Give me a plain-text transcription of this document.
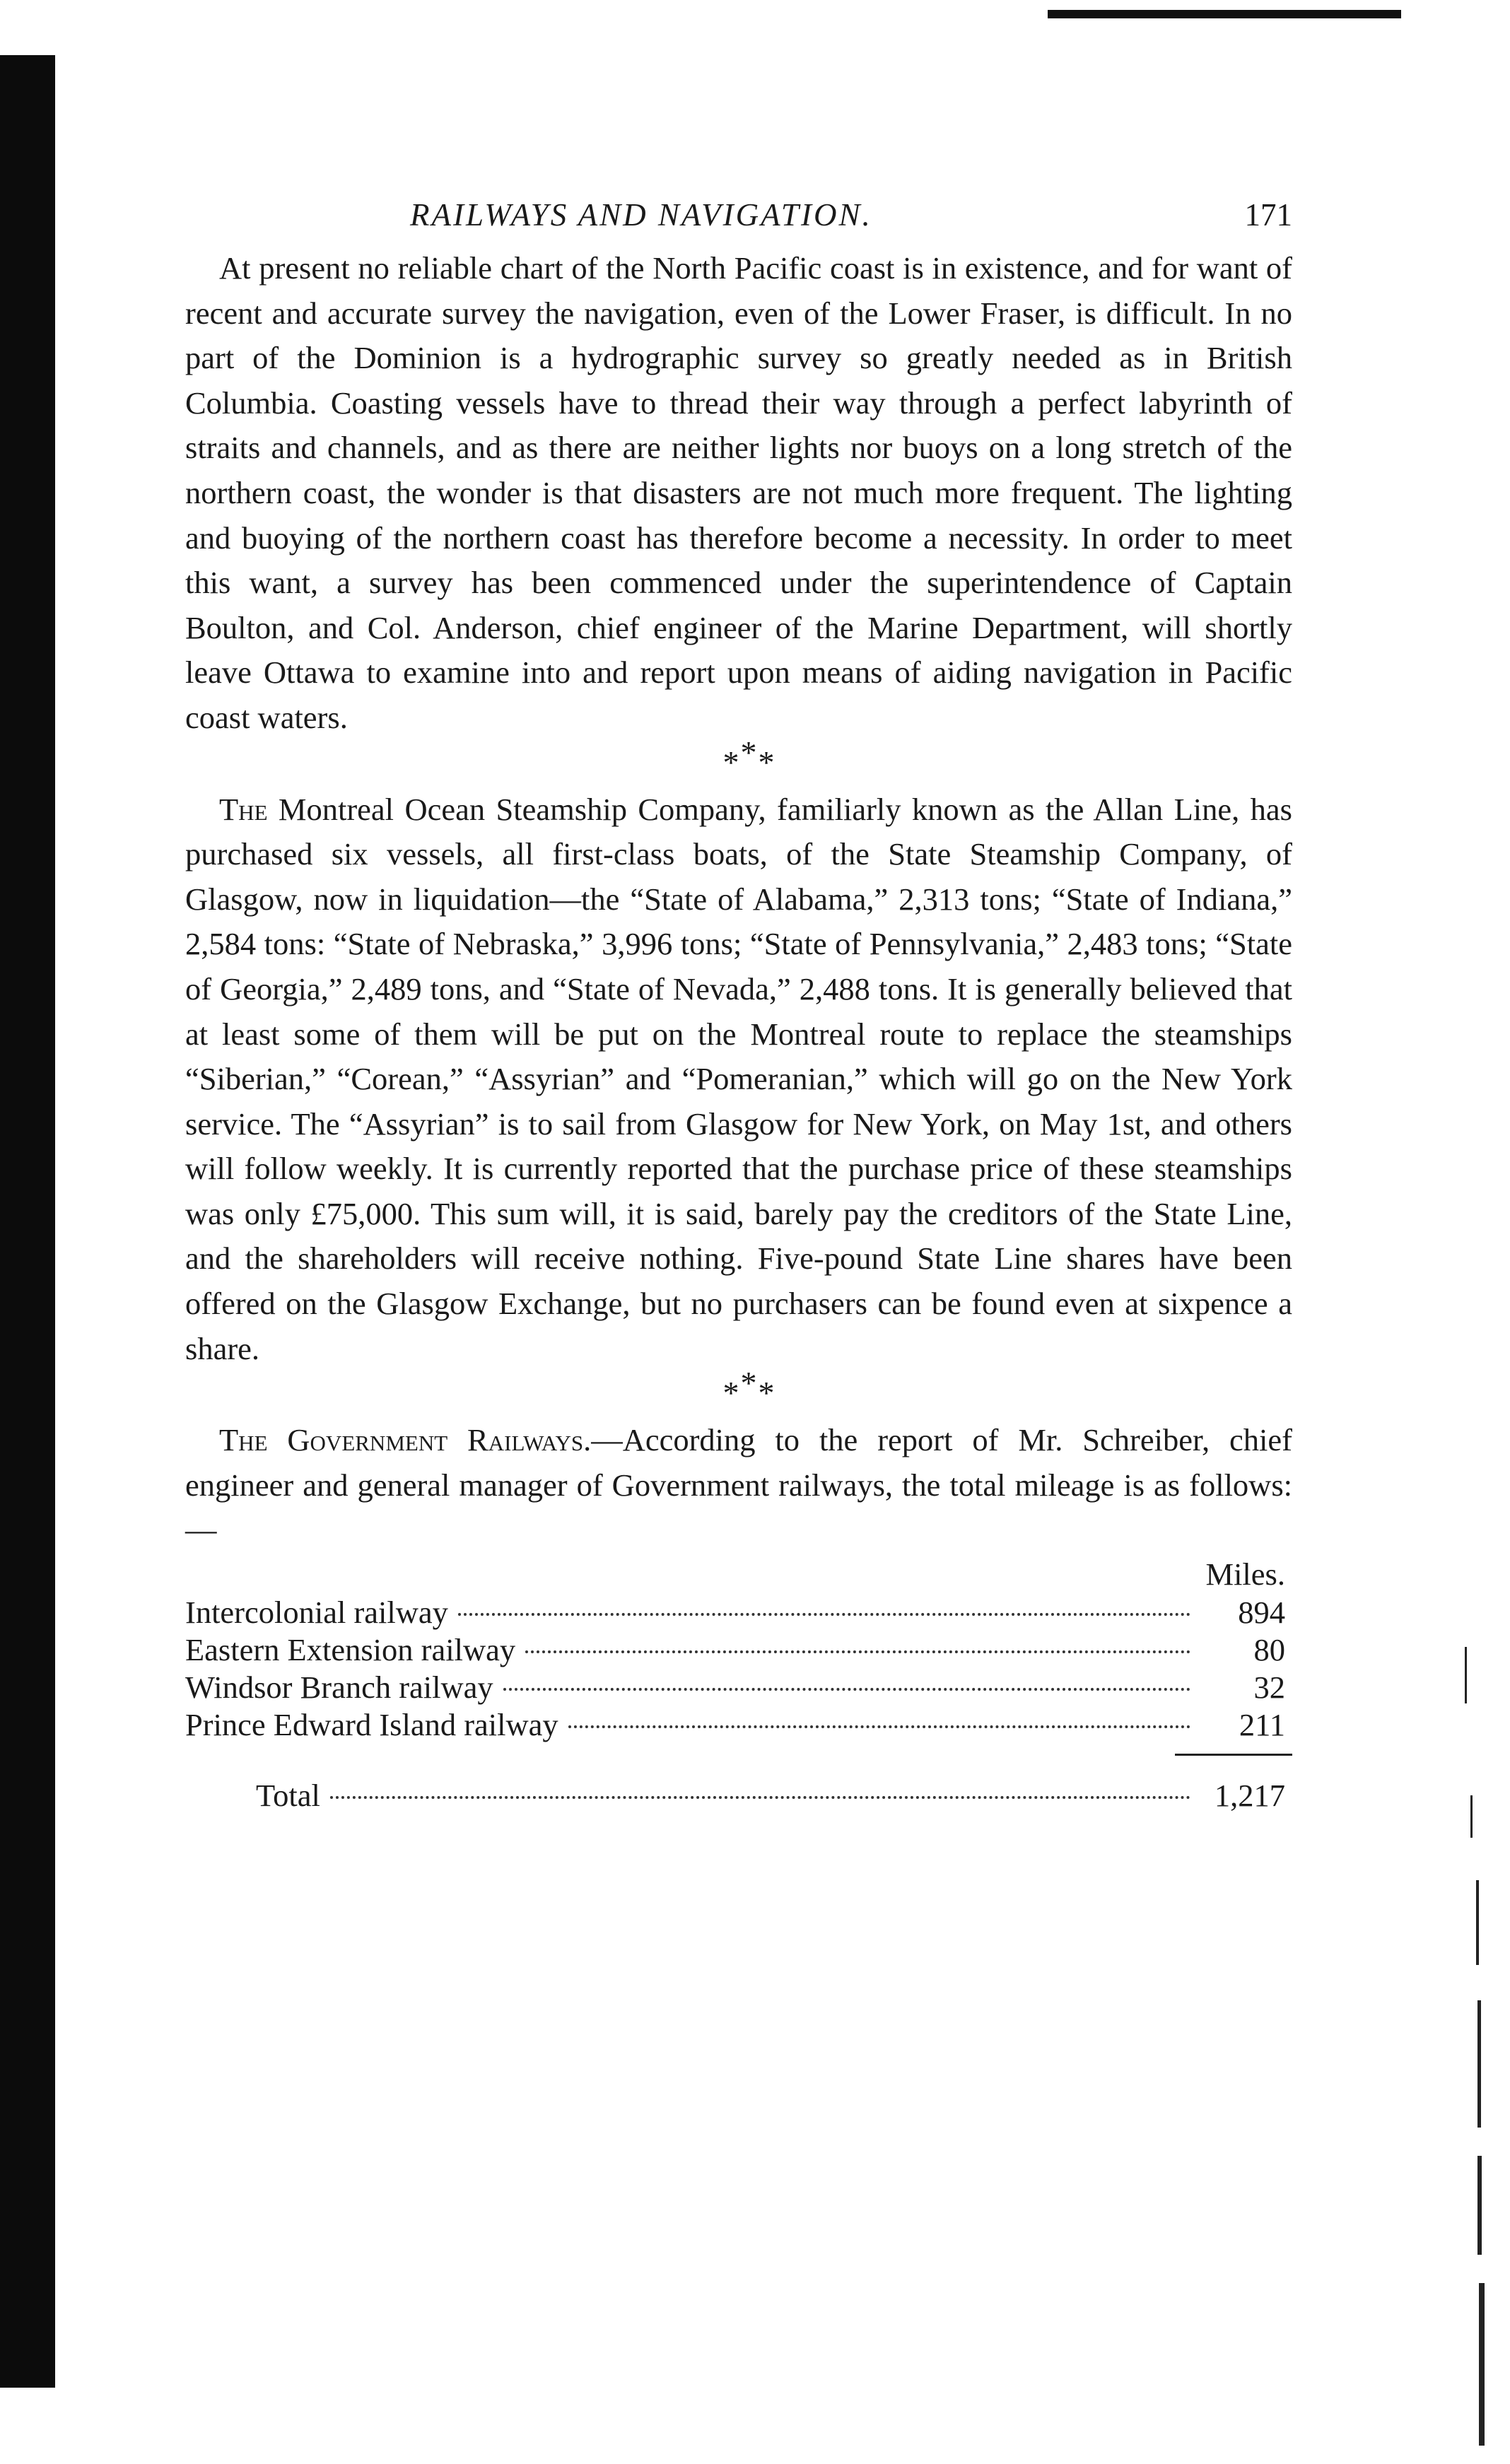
RAILWAYS AND NAVIGATION.	171

At present no reliable chart of the North Pacific coast is in existence, and for want of recent and accurate survey the navigation, even of the Lower Fraser, is difficult. In no part of the Dominion is a hydrographic survey so greatly needed as in British Columbia. Coasting vessels have to thread their way through a perfect labyrinth of straits and channels, and as there are neither lights nor buoys on a long stretch of the northern coast, the wonder is that disasters are not much more frequent. The lighting and buoying of the northern coast has therefore become a necessity. In order to meet this want, a survey has been commenced under the superintendence of Captain Boulton, and Col. Anderson, chief engineer of the Marine Department, will shortly leave Ottawa to examine into and report upon means of aiding navigation in Pacific coast waters.

***

The Montreal Ocean Steamship Company, familiarly known as the Allan Line, has purchased six vessels, all first-class boats, of the State Steamship Company, of Glasgow, now in liquidation—the “State of Alabama,” 2,313 tons; “State of Indiana,” 2,584 tons: “State of Nebraska,” 3,996 tons; “State of Pennsylvania,” 2,483 tons; “State of Georgia,” 2,489 tons, and “State of Nevada,” 2,488 tons. It is generally believed that at least some of them will be put on the Montreal route to replace the steamships “Siberian,” “Corean,” “Assyrian” and “Pomeranian,” which will go on the New York service. The “Assyrian” is to sail from Glasgow for New York, on May 1st, and others will follow weekly. It is currently reported that the purchase price of these steamships was only £75,000. This sum will, it is said, barely pay the creditors of the State Line, and the shareholders will receive nothing. Five-pound State Line shares have been offered on the Glasgow Exchange, but no purchasers can be found even at sixpence a share.

***

The Government Railways.—According to the report of Mr. Schreiber, chief engineer and general manager of Government railways, the total mileage is as follows:—

Miles.
Intercolonial railway	894
Eastern Extension railway	80
Windsor Branch railway	32
Prince Edward Island railway	211
Total	1,217
